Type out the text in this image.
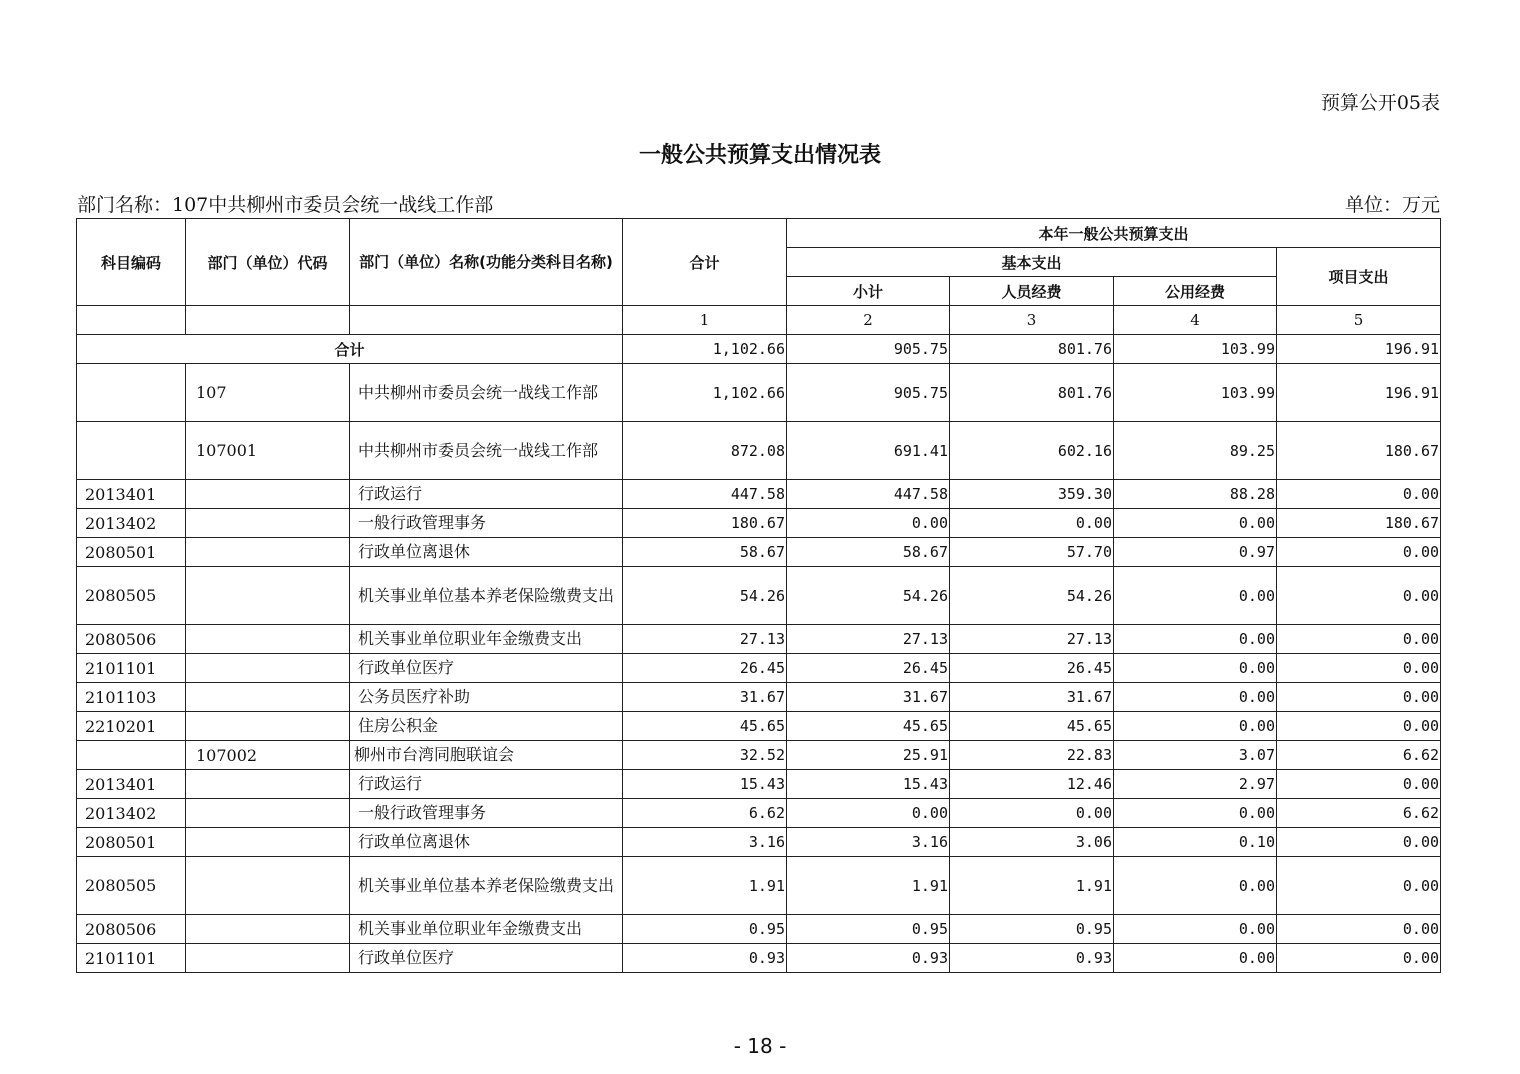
预算公开05表
一般公共预算支出情况表
部门名称：107中共柳州市委员会统一战线工作部	单位：万元
科目编码	部门（单位）代码	部门（单位）名称(功能分类科目名称)	合计	本年一般公共预算支出			
				基本支出			项目支出
				小计	人员经费	公用经费	
			1	2	3	4	5
合计			1,102.66	905.75	801.76	103.99	196.91
	107	中共柳州市委员会统一战线工作部	1,102.66	905.75	801.76	103.99	196.91
	107001	中共柳州市委员会统一战线工作部	872.08	691.41	602.16	89.25	180.67
2013401		行政运行	447.58	447.58	359.30	88.28	0.00
2013402		一般行政管理事务	180.67	0.00	0.00	0.00	180.67
2080501		行政单位离退休	58.67	58.67	57.70	0.97	0.00
2080505		机关事业单位基本养老保险缴费支出	54.26	54.26	54.26	0.00	0.00
2080506		机关事业单位职业年金缴费支出	27.13	27.13	27.13	0.00	0.00
2101101		行政单位医疗	26.45	26.45	26.45	0.00	0.00
2101103		公务员医疗补助	31.67	31.67	31.67	0.00	0.00
2210201		住房公积金	45.65	45.65	45.65	0.00	0.00
	107002	柳州市台湾同胞联谊会	32.52	25.91	22.83	3.07	6.62
2013401		行政运行	15.43	15.43	12.46	2.97	0.00
2013402		一般行政管理事务	6.62	0.00	0.00	0.00	6.62
2080501		行政单位离退休	3.16	3.16	3.06	0.10	0.00
2080505		机关事业单位基本养老保险缴费支出	1.91	1.91	1.91	0.00	0.00
2080506		机关事业单位职业年金缴费支出	0.95	0.95	0.95	0.00	0.00
2101101		行政单位医疗	0.93	0.93	0.93	0.00	0.00
- 18 -
